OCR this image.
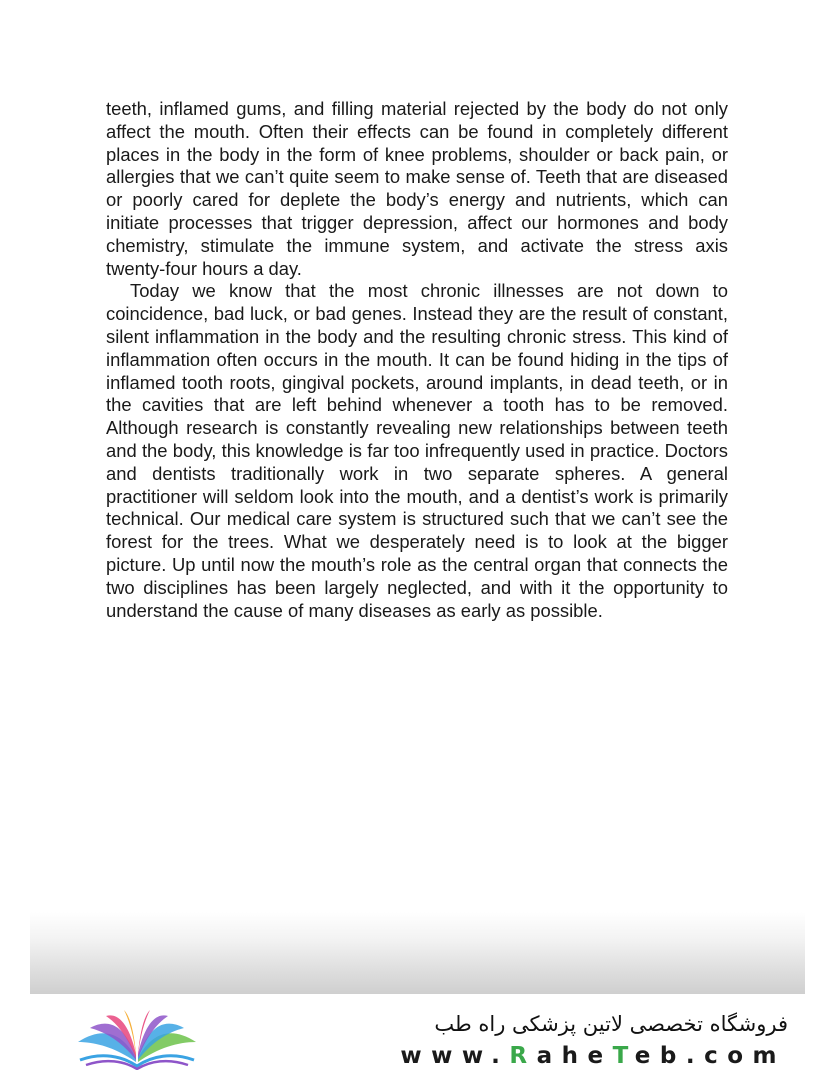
teeth, inflamed gums, and filling material rejected by the body do not only affect the mouth. Often their effects can be found in completely different places in the body in the form of knee problems, shoulder or back pain, or allergies that we can’t quite seem to make sense of. Teeth that are diseased or poorly cared for deplete the body’s energy and nutrients, which can initiate processes that trigger depression, affect our hormones and body chemistry, stimulate the immune system, and activate the stress axis twenty-four hours a day.

Today we know that the most chronic illnesses are not down to coincidence, bad luck, or bad genes. Instead they are the result of constant, silent inflammation in the body and the resulting chronic stress. This kind of inflammation often occurs in the mouth. It can be found hiding in the tips of inflamed tooth roots, gingival pockets, around implants, in dead teeth, or in the cavities that are left behind whenever a tooth has to be removed. Although research is constantly revealing new relationships between teeth and the body, this knowledge is far too infrequently used in practice. Doctors and dentists traditionally work in two separate spheres. A general practitioner will seldom look into the mouth, and a dentist’s work is primarily technical. Our medical care system is structured such that we can’t see the forest for the trees. What we desperately need is to look at the bigger picture. Up until now the mouth’s role as the central organ that connects the two disciplines has been largely neglected, and with it the opportunity to understand the cause of many diseases as early as possible.

فروشگاه تخصصی لاتین پزشکی راه طب
www.RaheTeb.com
